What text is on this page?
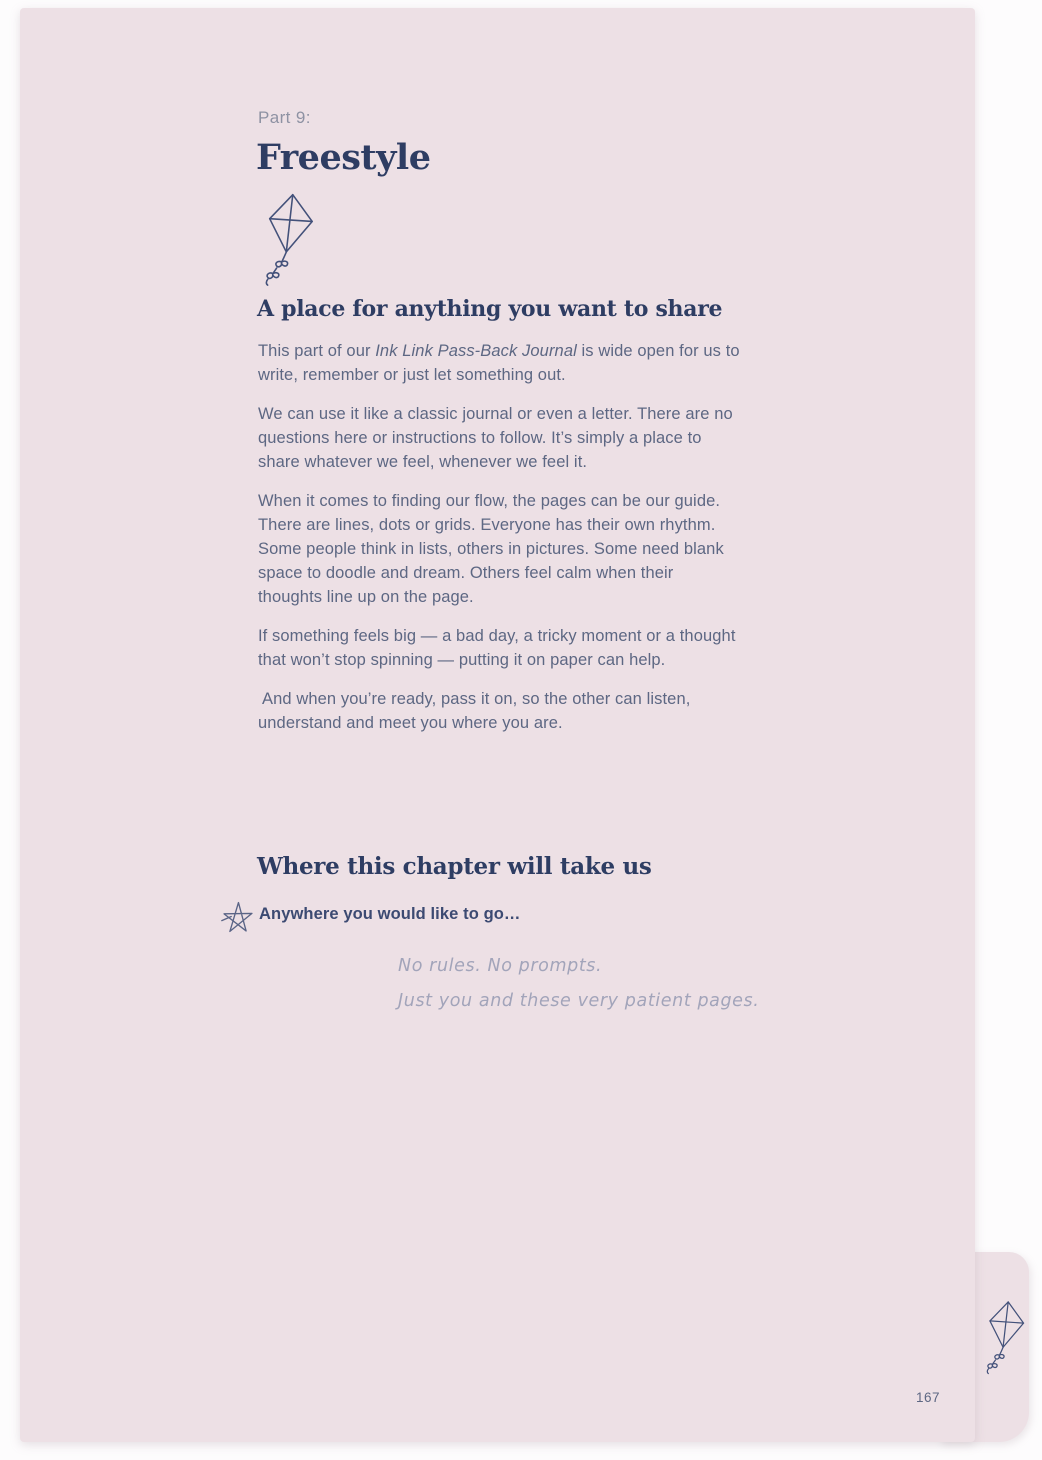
Part 9:
Freestyle
A place for anything you want to share

This part of our Ink Link Pass-Back Journal is wide open for us to write, remember or just let something out.

We can use it like a classic journal or even a letter. There are no questions here or instructions to follow. It’s simply a place to share whatever we feel, whenever we feel it.

When it comes to finding our flow, the pages can be our guide. There are lines, dots or grids. Everyone has their own rhythm. Some people think in lists, others in pictures. Some need blank space to doodle and dream. Others feel calm when their thoughts line up on the page.

If something feels big — a bad day, a tricky moment or a thought that won’t stop spinning — putting it on paper can help.

And when you’re ready, pass it on, so the other can listen, understand and meet you where you are.

Where this chapter will take us
Anywhere you would like to go…
No rules. No prompts.
Just you and these very patient pages.
167
